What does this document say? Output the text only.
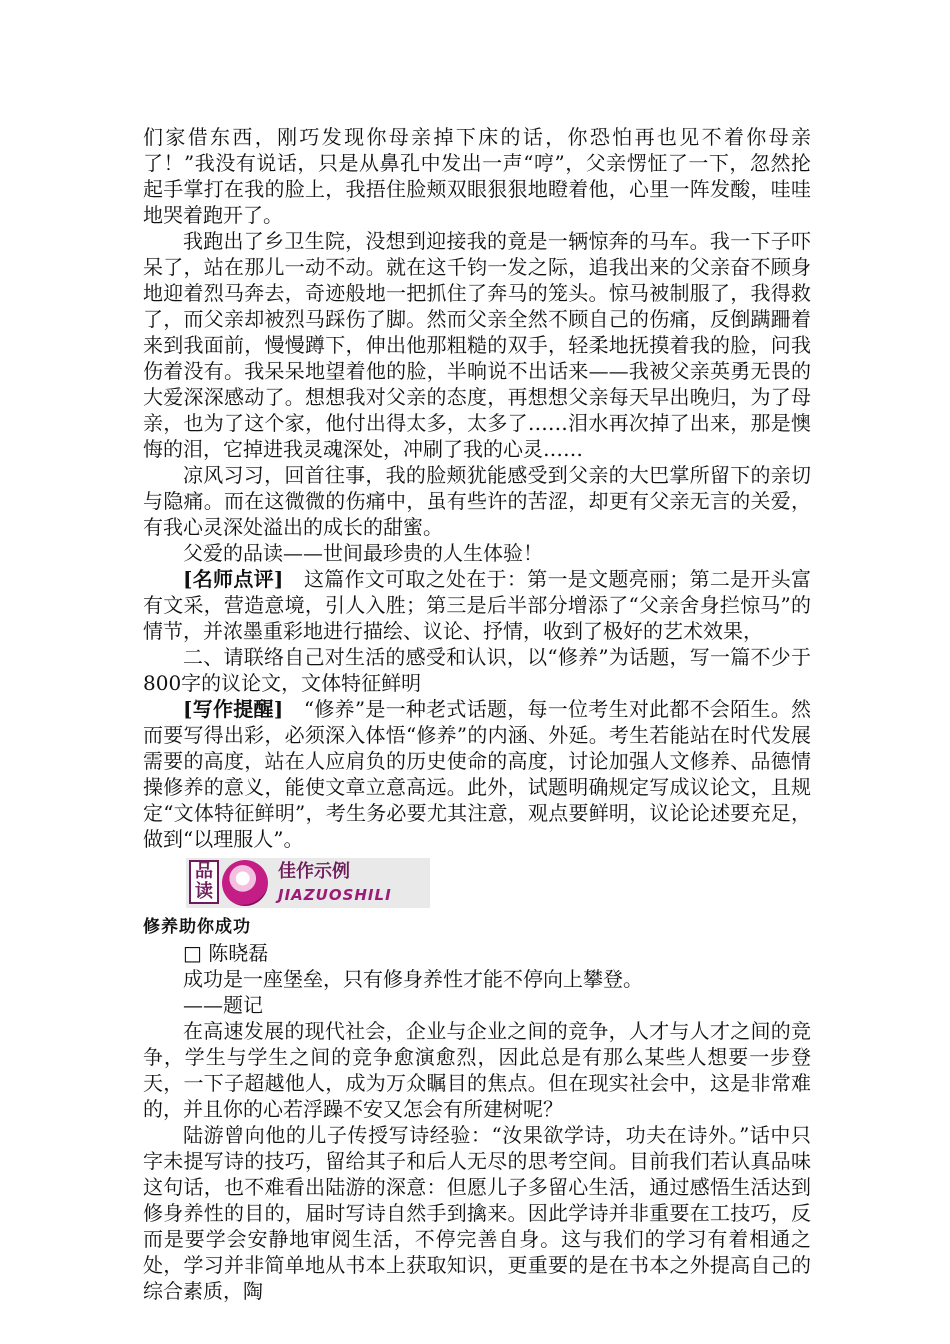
们家借东西，刚巧发现你母亲掉下床的话，你恐怕再也见不着你母亲了！”我没有说话，只是从鼻孔中发出一声“哼”，父亲愣怔了一下，忽然抡起手掌打在我的脸上，我捂住脸颊双眼狠狠地瞪着他，心里一阵发酸，哇哇地哭着跑开了。

我跑出了乡卫生院，没想到迎接我的竟是一辆惊奔的马车。我一下子吓呆了，站在那儿一动不动。就在这千钧一发之际，追我出来的父亲奋不顾身地迎着烈马奔去，奇迹般地一把抓住了奔马的笼头。惊马被制服了，我得救了，而父亲却被烈马踩伤了脚。然而父亲全然不顾自己的伤痛，反倒蹒跚着来到我面前，慢慢蹲下，伸出他那粗糙的双手，轻柔地抚摸着我的脸，问我伤着没有。我呆呆地望着他的脸，半晌说不出话来——我被父亲英勇无畏的大爱深深感动了。想想我对父亲的态度，再想想父亲每天早出晚归，为了母亲，也为了这个家，他付出得太多，太多了……泪水再次掉了出来，那是懊悔的泪，它掉进我灵魂深处，冲刷了我的心灵……

凉风习习，回首往事，我的脸颊犹能感受到父亲的大巴掌所留下的亲切与隐痛。而在这微微的伤痛中，虽有些许的苦涩，却更有父亲无言的关爱，有我心灵深处溢出的成长的甜蜜。

父爱的品读——世间最珍贵的人生体验！

[名师点评]　这篇作文可取之处在于：第一是文题亮丽；第二是开头富有文采，营造意境，引人入胜；第三是后半部分增添了“父亲舍身拦惊马”的情节，并浓墨重彩地进行描绘、议论、抒情，收到了极好的艺术效果，

二、请联络自己对生活的感受和认识，以“修养”为话题，写一篇不少于800字的议论文，文体特征鲜明

[写作提醒]　“修养”是一种老式话题，每一位考生对此都不会陌生。然而要写得出彩，必须深入体悟“修养”的内涵、外延。考生若能站在时代发展需要的高度，站在人应肩负的历史使命的高度，讨论加强人文修养、品德情操修养的意义，能使文章立意高远。此外，试题明确规定写成议论文，且规定“文体特征鲜明”，考生务必要尤其注意，观点要鲜明，议论论述要充足，做到“以理服人”。

品
读
佳作示例
JIAZUOSHILI

修养助你成功

□ 陈晓磊

成功是一座堡垒，只有修身养性才能不停向上攀登。

——题记

在高速发展的现代社会，企业与企业之间的竞争，人才与人才之间的竞争，学生与学生之间的竞争愈演愈烈，因此总是有那么某些人想要一步登天，一下子超越他人，成为万众瞩目的焦点。但在现实社会中，这是非常难的，并且你的心若浮躁不安又怎会有所建树呢？

陆游曾向他的儿子传授写诗经验：“汝果欲学诗，功夫在诗外。”话中只字未提写诗的技巧，留给其子和后人无尽的思考空间。目前我们若认真品味这句话，也不难看出陆游的深意：但愿儿子多留心生活，通过感悟生活达到修身养性的目的，届时写诗自然手到擒来。因此学诗并非重要在工技巧，反而是要学会安静地审阅生活，不停完善自身。这与我们的学习有着相通之处，学习并非简单地从书本上获取知识，更重要的是在书本之外提高自己的综合素质，陶
